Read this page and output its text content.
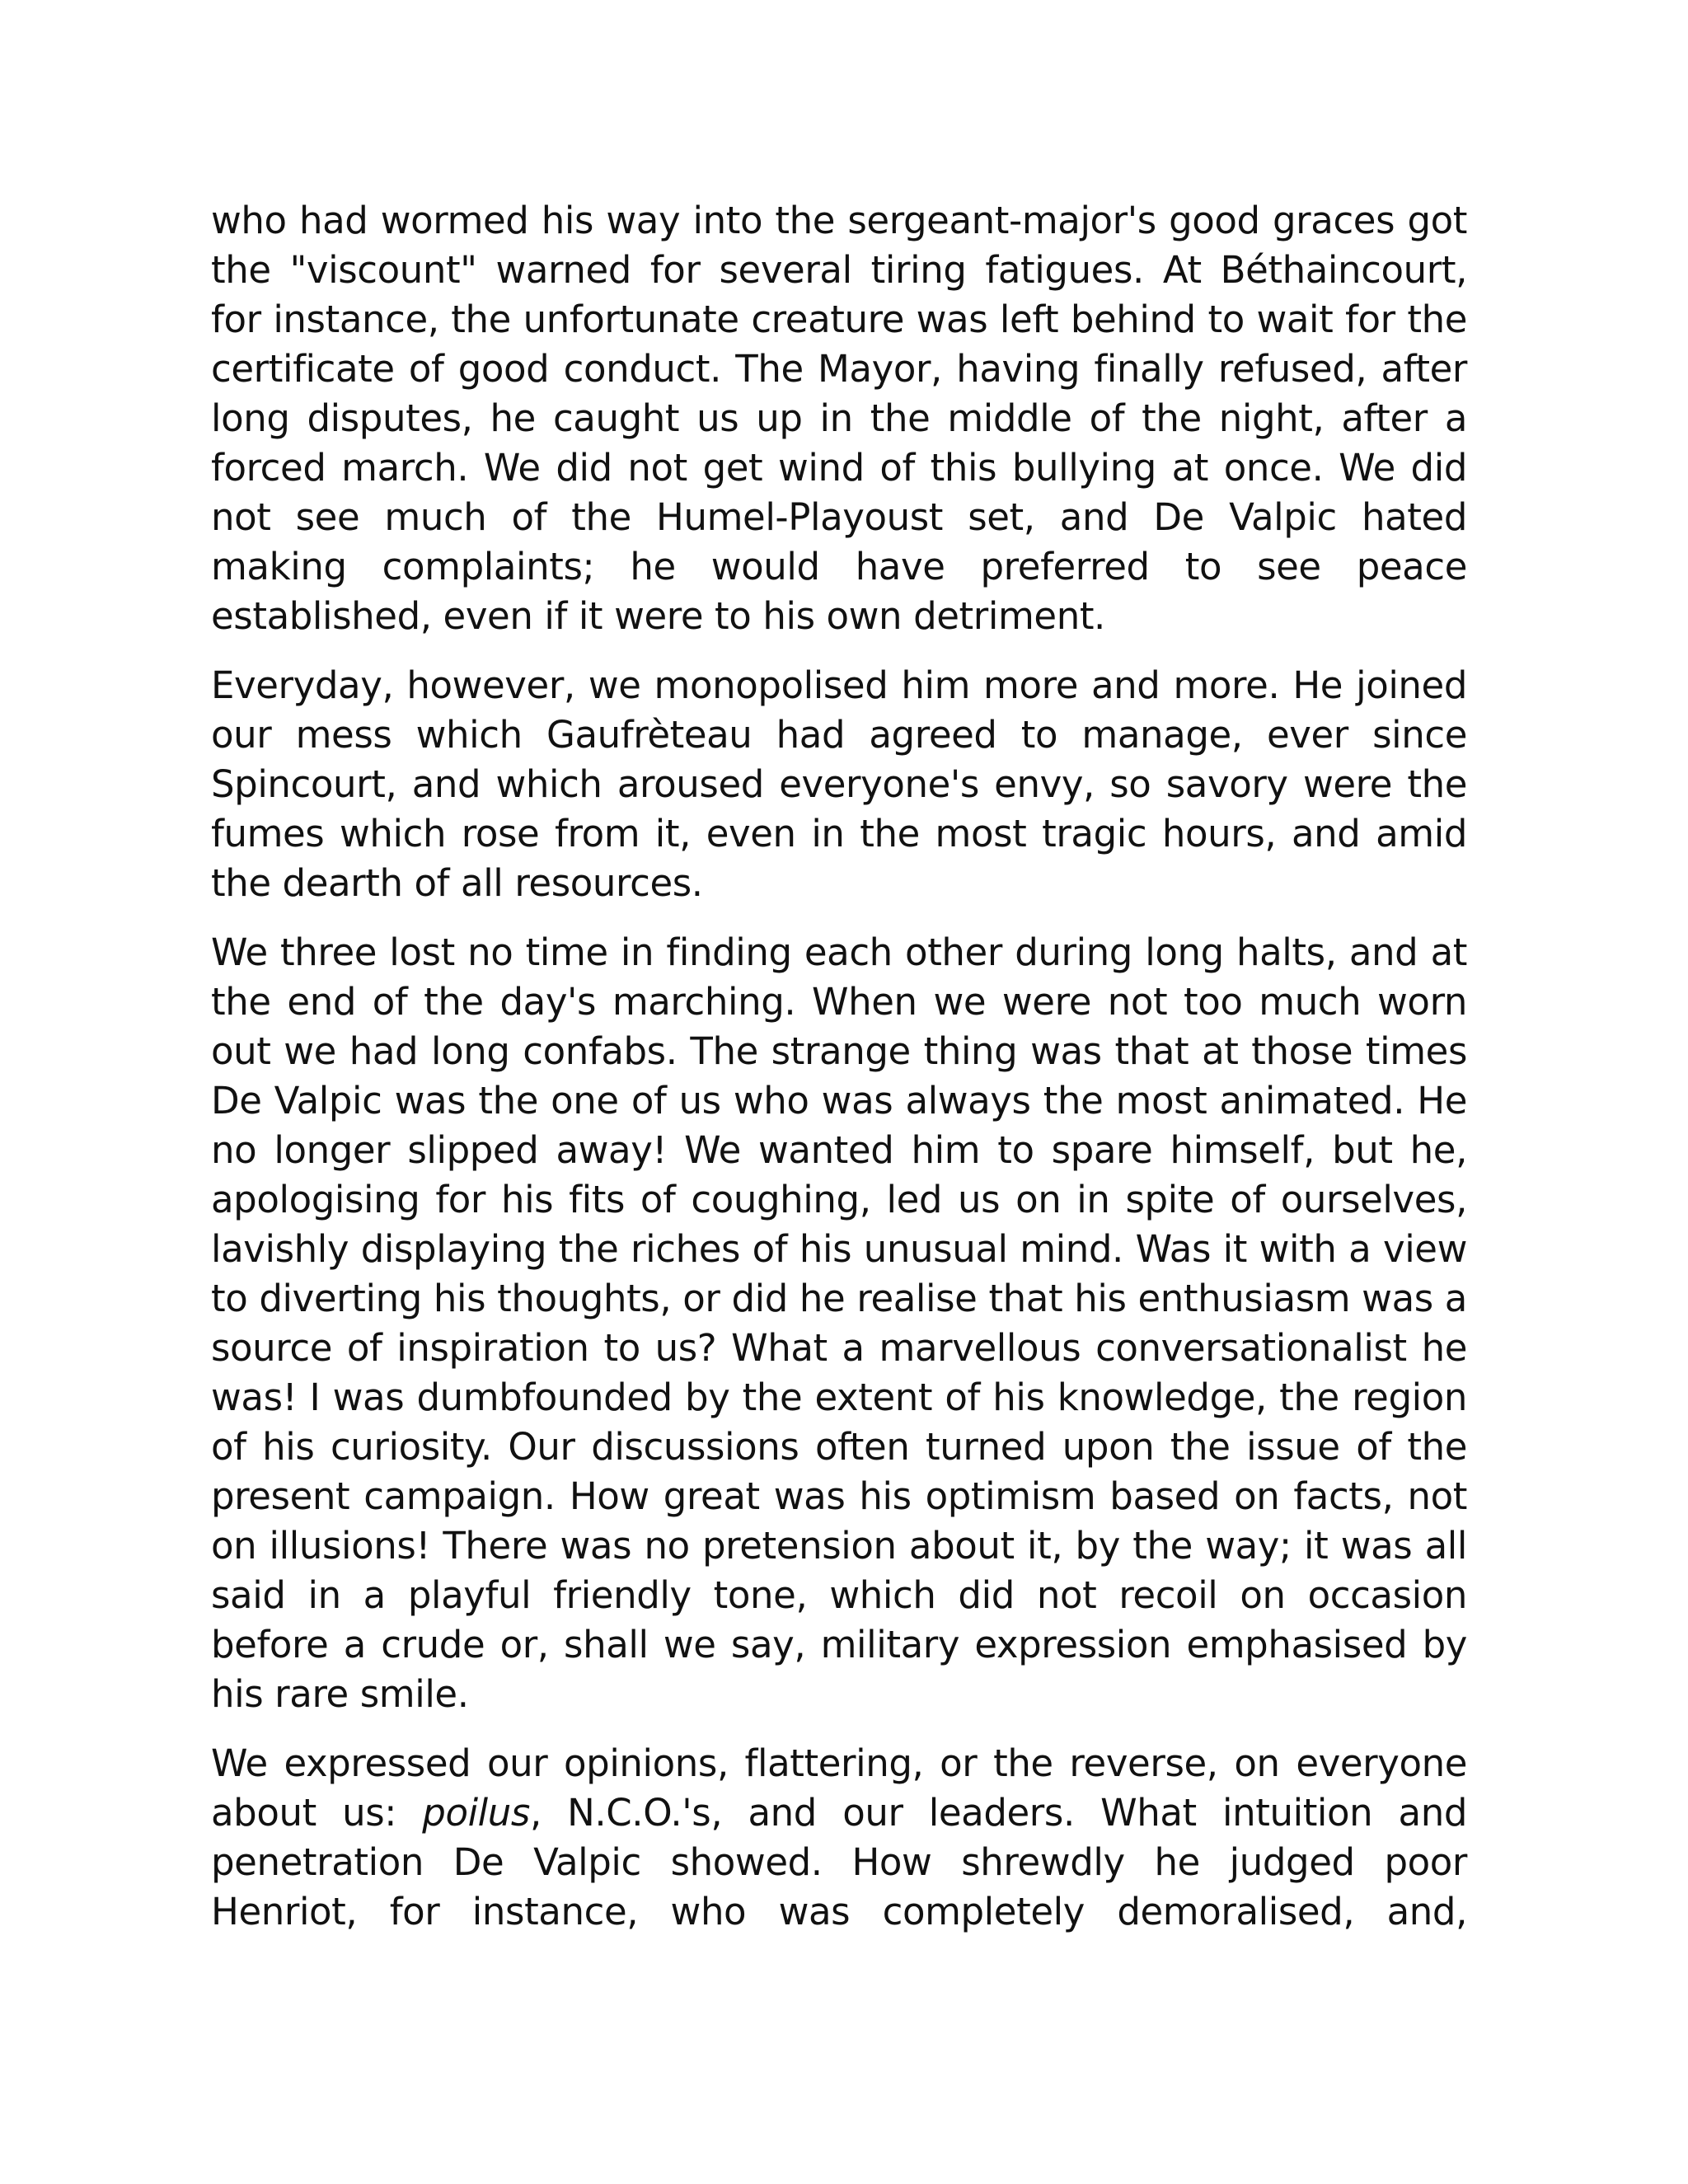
who had wormed his way into the sergeant-major's good graces got the "viscount" warned for several tiring fatigues. At Béthaincourt, for instance, the unfortunate creature was left behind to wait for the certificate of good conduct. The Mayor, having finally refused, after long disputes, he caught us up in the middle of the night, after a forced march. We did not get wind of this bullying at once. We did not see much of the Humel-Playoust set, and De Valpic hated making complaints; he would have preferred to see peace established, even if it were to his own detriment.

Everyday, however, we monopolised him more and more. He joined our mess which Gaufrèteau had agreed to manage, ever since Spincourt, and which aroused everyone's envy, so savory were the fumes which rose from it, even in the most tragic hours, and amid the dearth of all resources.

We three lost no time in finding each other during long halts, and at the end of the day's marching. When we were not too much worn out we had long confabs. The strange thing was that at those times De Valpic was the one of us who was always the most animated. He no longer slipped away! We wanted him to spare himself, but he, apologising for his fits of coughing, led us on in spite of ourselves, lavishly displaying the riches of his unusual mind. Was it with a view to diverting his thoughts, or did he realise that his enthusiasm was a source of inspiration to us? What a marvellous conversationalist he was! I was dumbfounded by the extent of his knowledge, the region of his curiosity. Our discussions often turned upon the issue of the present campaign. How great was his optimism based on facts, not on illusions! There was no pretension about it, by the way; it was all said in a playful friendly tone, which did not recoil on occasion before a crude or, shall we say, military expression emphasised by his rare smile.

We expressed our opinions, flattering, or the reverse, on everyone about us: poilus, N.C.O.'s, and our leaders. What intuition and penetration De Valpic showed. How shrewdly he judged poor Henriot, for instance, who was completely demoralised, and,
